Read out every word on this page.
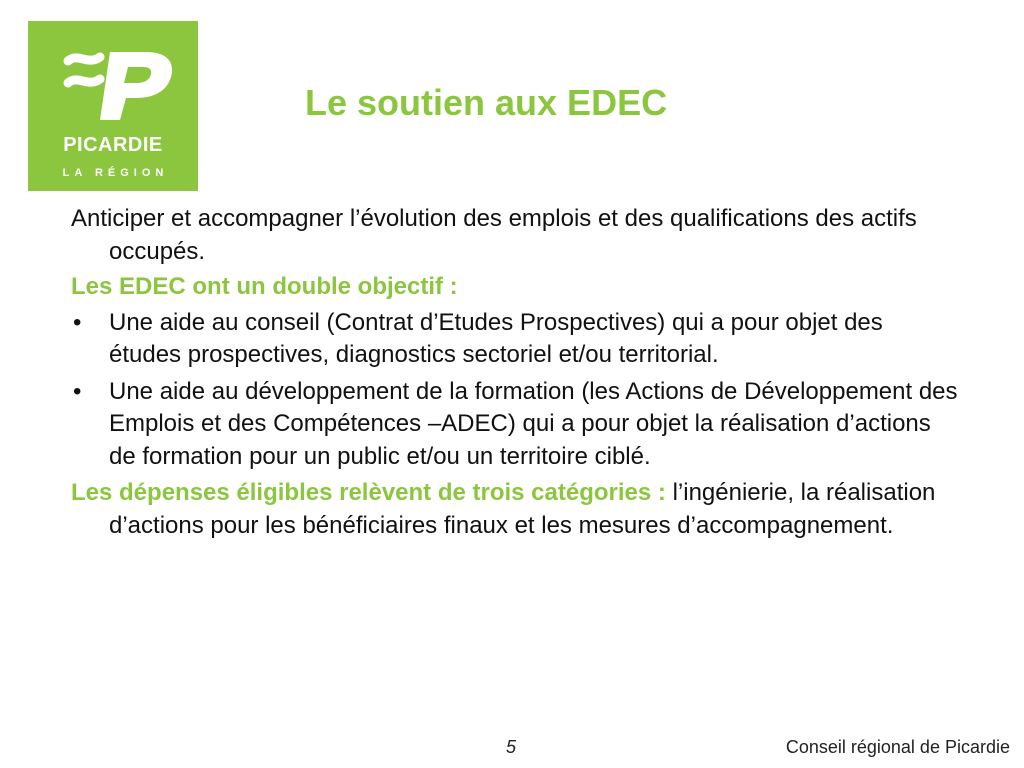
PICARDIE
LA RÉGION
Le soutien aux EDEC

Anticiper et accompagner l’évolution des emplois et des qualifications des actifs occupés.

Les EDEC ont un double objectif :

• Une aide au conseil (Contrat d’Etudes Prospectives) qui a pour objet des études prospectives, diagnostics sectoriel et/ou territorial.
• Une aide au développement de la formation (les Actions de Développement des Emplois et des Compétences –ADEC) qui a pour objet la réalisation d’actions de formation pour un public et/ou un territoire ciblé.

Les dépenses éligibles relèvent de trois catégories : l’ingénierie, la réalisation d’actions pour les bénéficiaires finaux et les mesures d’accompagnement.

5	Conseil régional de Picardie
